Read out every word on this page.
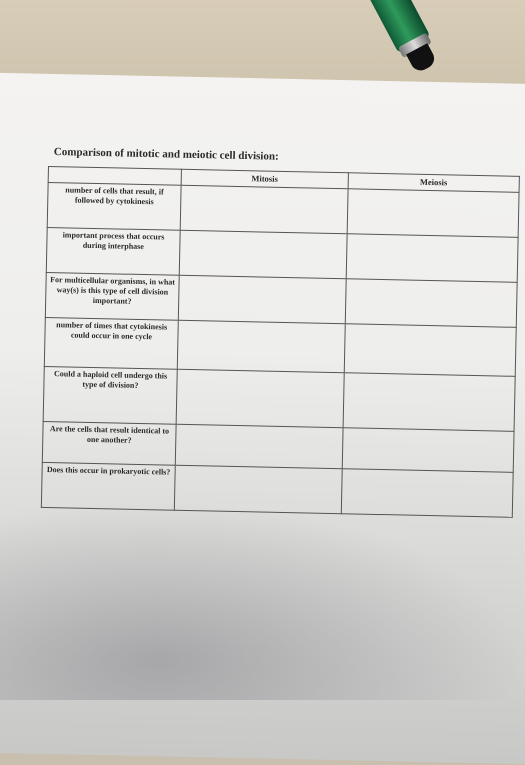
Comparison of mitotic and meiotic cell division:
	Mitosis	Meiosis
number of cells that result, if followed by cytokinesis		
important process that occurs during interphase		
For multicellular organisms, in what way(s) is this type of cell division important?		
number of times that cytokinesis could occur in one cycle		
Could a haploid cell undergo this type of division?		
Are the cells that result identical to one another?		
Does this occur in prokaryotic cells?		
